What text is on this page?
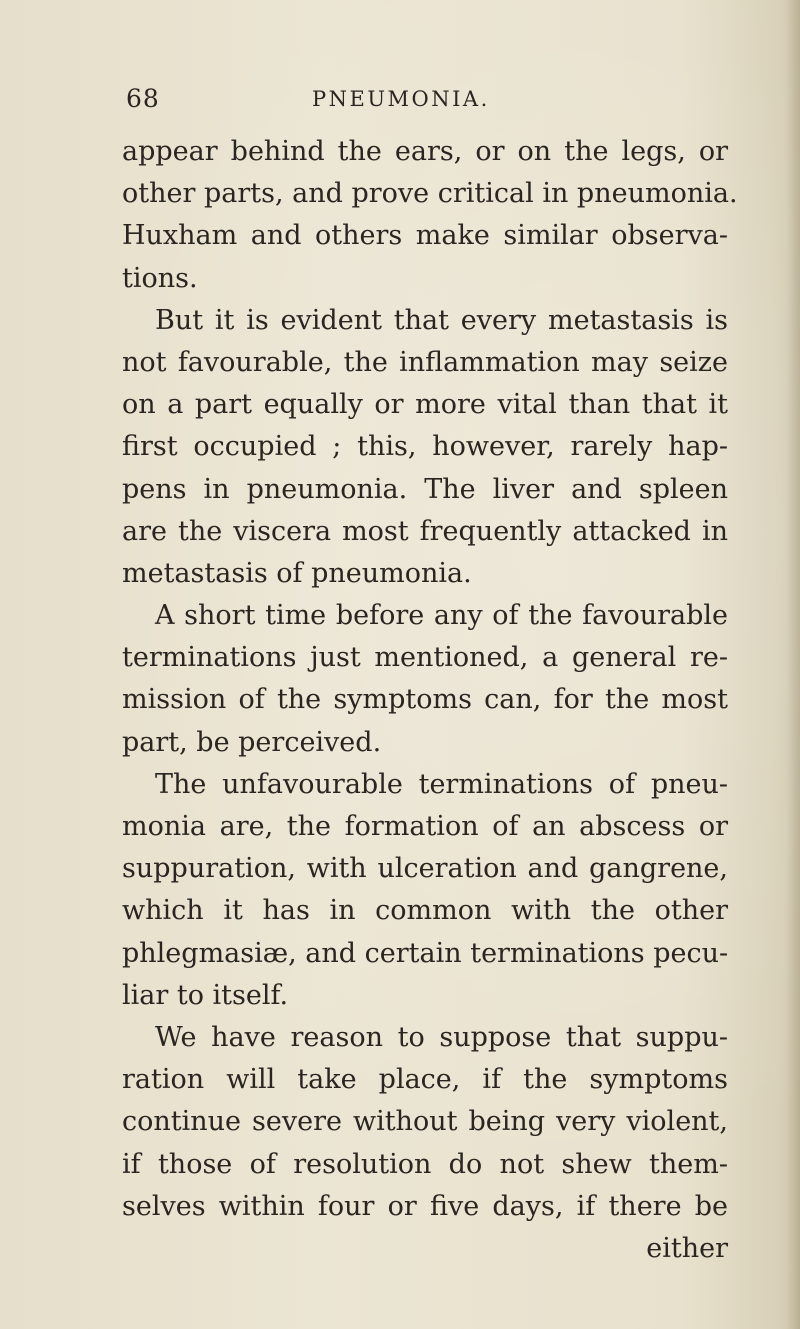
68	PNEUMONIA.
appear behind the ears, or on the legs, or
other parts, and prove critical in pneumonia.
Huxham and others make similar observa-
tions.
But it is evident that every metastasis is
not favourable, the inflammation may seize
on a part equally or more vital than that it
first occupied ; this, however, rarely hap-
pens in pneumonia. The liver and spleen
are the viscera most frequently attacked in
metastasis of pneumonia.
A short time before any of the favourable
terminations just mentioned, a general re-
mission of the symptoms can, for the most
part, be perceived.
The unfavourable terminations of pneu-
monia are, the formation of an abscess or
suppuration, with ulceration and gangrene,
which it has in common with the other
phlegmasiæ, and certain terminations pecu-
liar to itself.
We have reason to suppose that suppu-
ration will take place, if the symptoms
continue severe without being very violent,
if those of resolution do not shew them-
selves within four or five days, if there be
either
